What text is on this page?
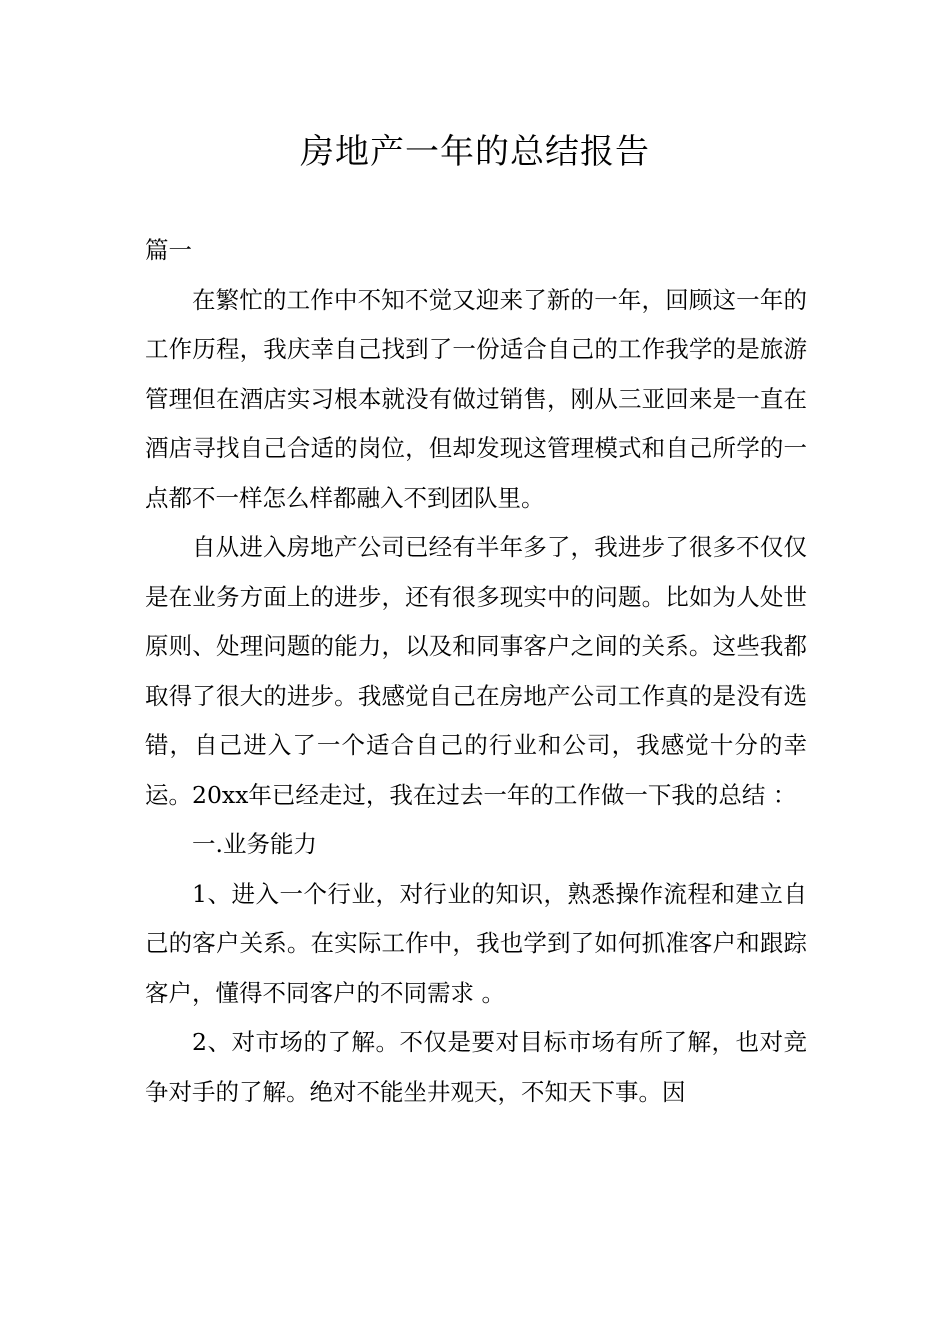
房地产一年的总结报告

篇一

在繁忙的工作中不知不觉又迎来了新的一年，回顾这一年的工作历程，我庆幸自己找到了一份适合自己的工作我学的是旅游管理但在酒店实习根本就没有做过销售，刚从三亚回来是一直在酒店寻找自己合适的岗位，但却发现这管理模式和自己所学的一点都不一样怎么样都融入不到团队里。

自从进入房地产公司已经有半年多了，我进步了很多不仅仅是在业务方面上的进步，还有很多现实中的问题。比如为人处世原则、处理问题的能力，以及和同事客户之间的关系。这些我都取得了很大的进步。我感觉自己在房地产公司工作真的是没有选错，自己进入了一个适合自己的行业和公司，我感觉十分的幸运。20xx年已经走过，我在过去一年的工作做一下我的总结 ：

一.业务能力

1、进入一个行业，对行业的知识，熟悉操作流程和建立自己的客户关系。在实际工作中，我也学到了如何抓准客户和跟踪客户，懂得不同客户的不同需求 。

2、对市场的了解。不仅是要对目标市场有所了解，也对竞争对手的了解。绝对不能坐井观天，不知天下事。因
